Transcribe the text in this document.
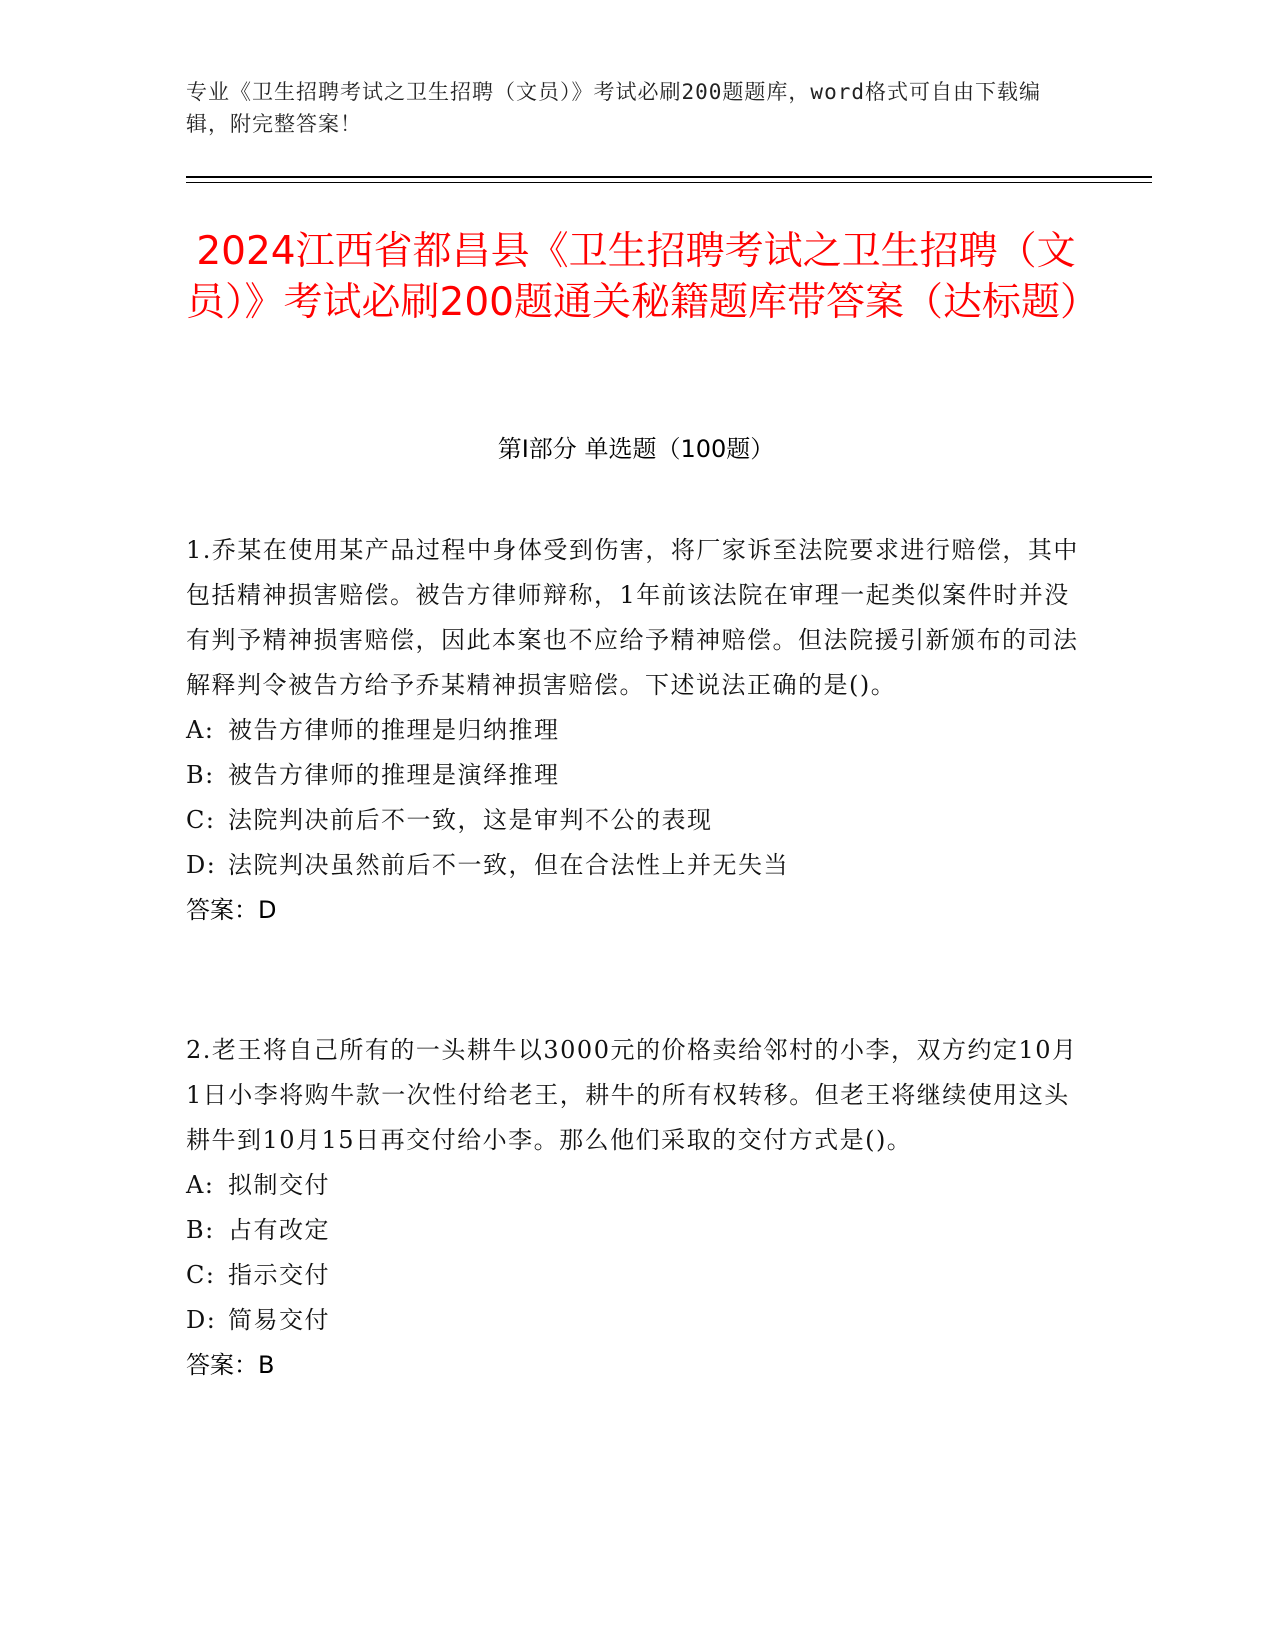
专业《卫生招聘考试之卫生招聘（文员）》考试必刷200题题库，word格式可自由下载编辑，附完整答案！
2024江西省都昌县《卫生招聘考试之卫生招聘（文员）》考试必刷200题通关秘籍题库带答案（达标题）
第I部分 单选题（100题）

1.乔某在使用某产品过程中身体受到伤害，将厂家诉至法院要求进行赔偿，其中包括精神损害赔偿。被告方律师辩称，1年前该法院在审理一起类似案件时并没有判予精神损害赔偿，因此本案也不应给予精神赔偿。但法院援引新颁布的司法解释判令被告方给予乔某精神损害赔偿。下述说法正确的是()。

A: 被告方律师的推理是归纳推理
B: 被告方律师的推理是演绎推理
C: 法院判决前后不一致，这是审判不公的表现
D: 法院判决虽然前后不一致，但在合法性上并无失当
答案：D

2.老王将自己所有的一头耕牛以3000元的价格卖给邻村的小李，双方约定10月1日小李将购牛款一次性付给老王，耕牛的所有权转移。但老王将继续使用这头耕牛到10月15日再交付给小李。那么他们采取的交付方式是()。

A: 拟制交付
B: 占有改定
C: 指示交付
D: 简易交付
答案：B
